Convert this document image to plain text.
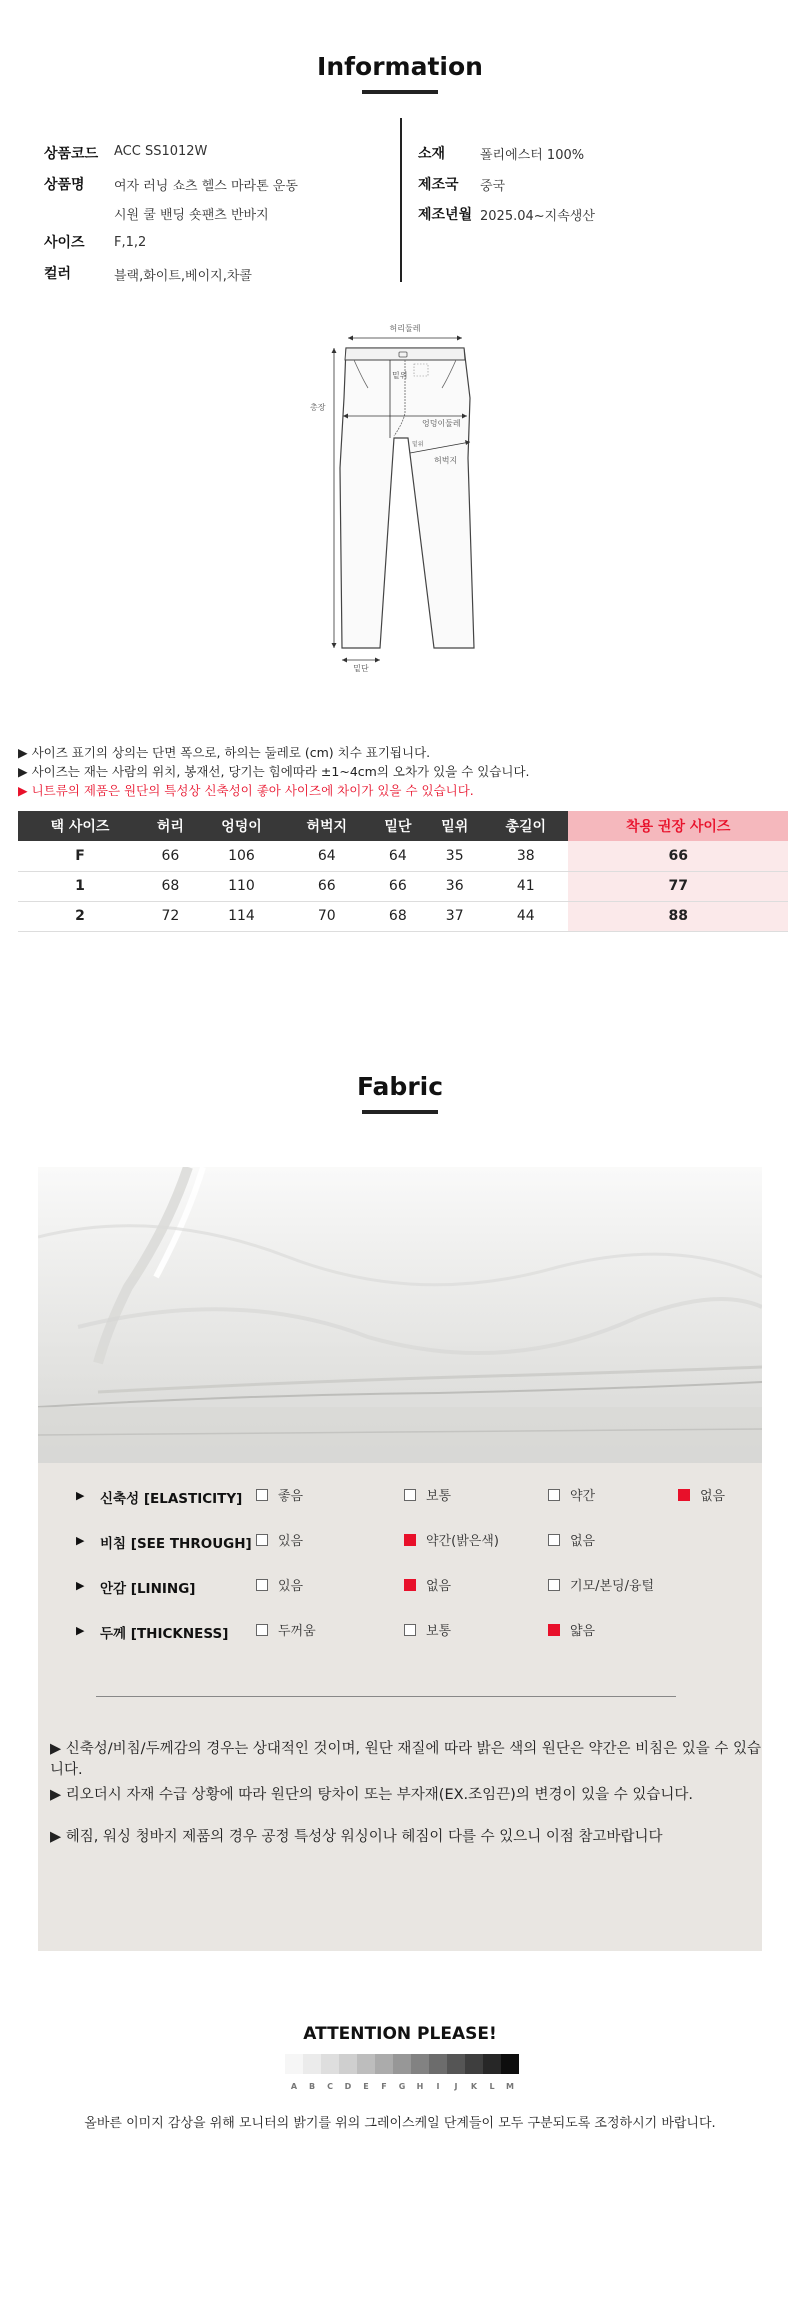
Information
상품코드 ACC SS1012W
상품명 여자 러닝 쇼츠 헬스 마라톤 운동
시원 쿨 밴딩 숏팬츠 반바지
사이즈 F,1,2
컬러	블랙,화이트,베이지,차콜
소재	폴리에스터 100%
제조국 중국
제조년월 2025.04~지속생산
허리둘레
밑위
엉덩이둘레
허벅지
밑위
총장
밑단
▶ 사이즈 표기의 상의는 단면 폭으로, 하의는 둘레로 (cm) 치수 표기됩니다.
▶ 사이즈는 재는 사람의 위치, 봉재선, 당기는 힘에따라 ±1~4cm의 오차가 있을 수 있습니다.
▶ 니트류의 제품은 원단의 특성상 신축성이 좋아 사이즈에 차이가 있을 수 있습니다.
택 사이즈	허리	엉덩이	허벅지	밑단	밑위	총길이	착용 권장 사이즈
F	66	106	64	64	35	38	66
1	68	110	66	66	36	41	77
2	72	114	70	68	37	44	88
Fabric
▶ 신축성 [ELASTICITY]	좋음	보통	약간	없음
▶ 비침 [SEE THROUGH] 있음	약간(밝은색)	없음
▶ 안감 [LINING]	있음	없음	기모/본딩/융털
▶ 두께 [THICKNESS]	두꺼움	보통	얇음
▶ 신축성/비침/두께감의 경우는 상대적인 것이며, 원단 재질에 따라 밝은 색의 원단은 약간은 비침은 있을 수 있습니다.
▶ 리오더시 자재 수급 상황에 따라 원단의 탕차이 또는 부자재(EX.조임끈)의 변경이 있을 수 있습니다.
▶ 헤짐, 워싱 청바지 제품의 경우 공정 특성상 워싱이나 헤짐이 다를 수 있으니 이점 참고바랍니다
ATTENTION PLEASE!
A	B	C	D	E	F	G	H	I	J	K	L	M
올바른 이미지 감상을 위해 모니터의 밝기를 위의 그레이스케일 단계들이 모두 구분되도록 조정하시기 바랍니다.
